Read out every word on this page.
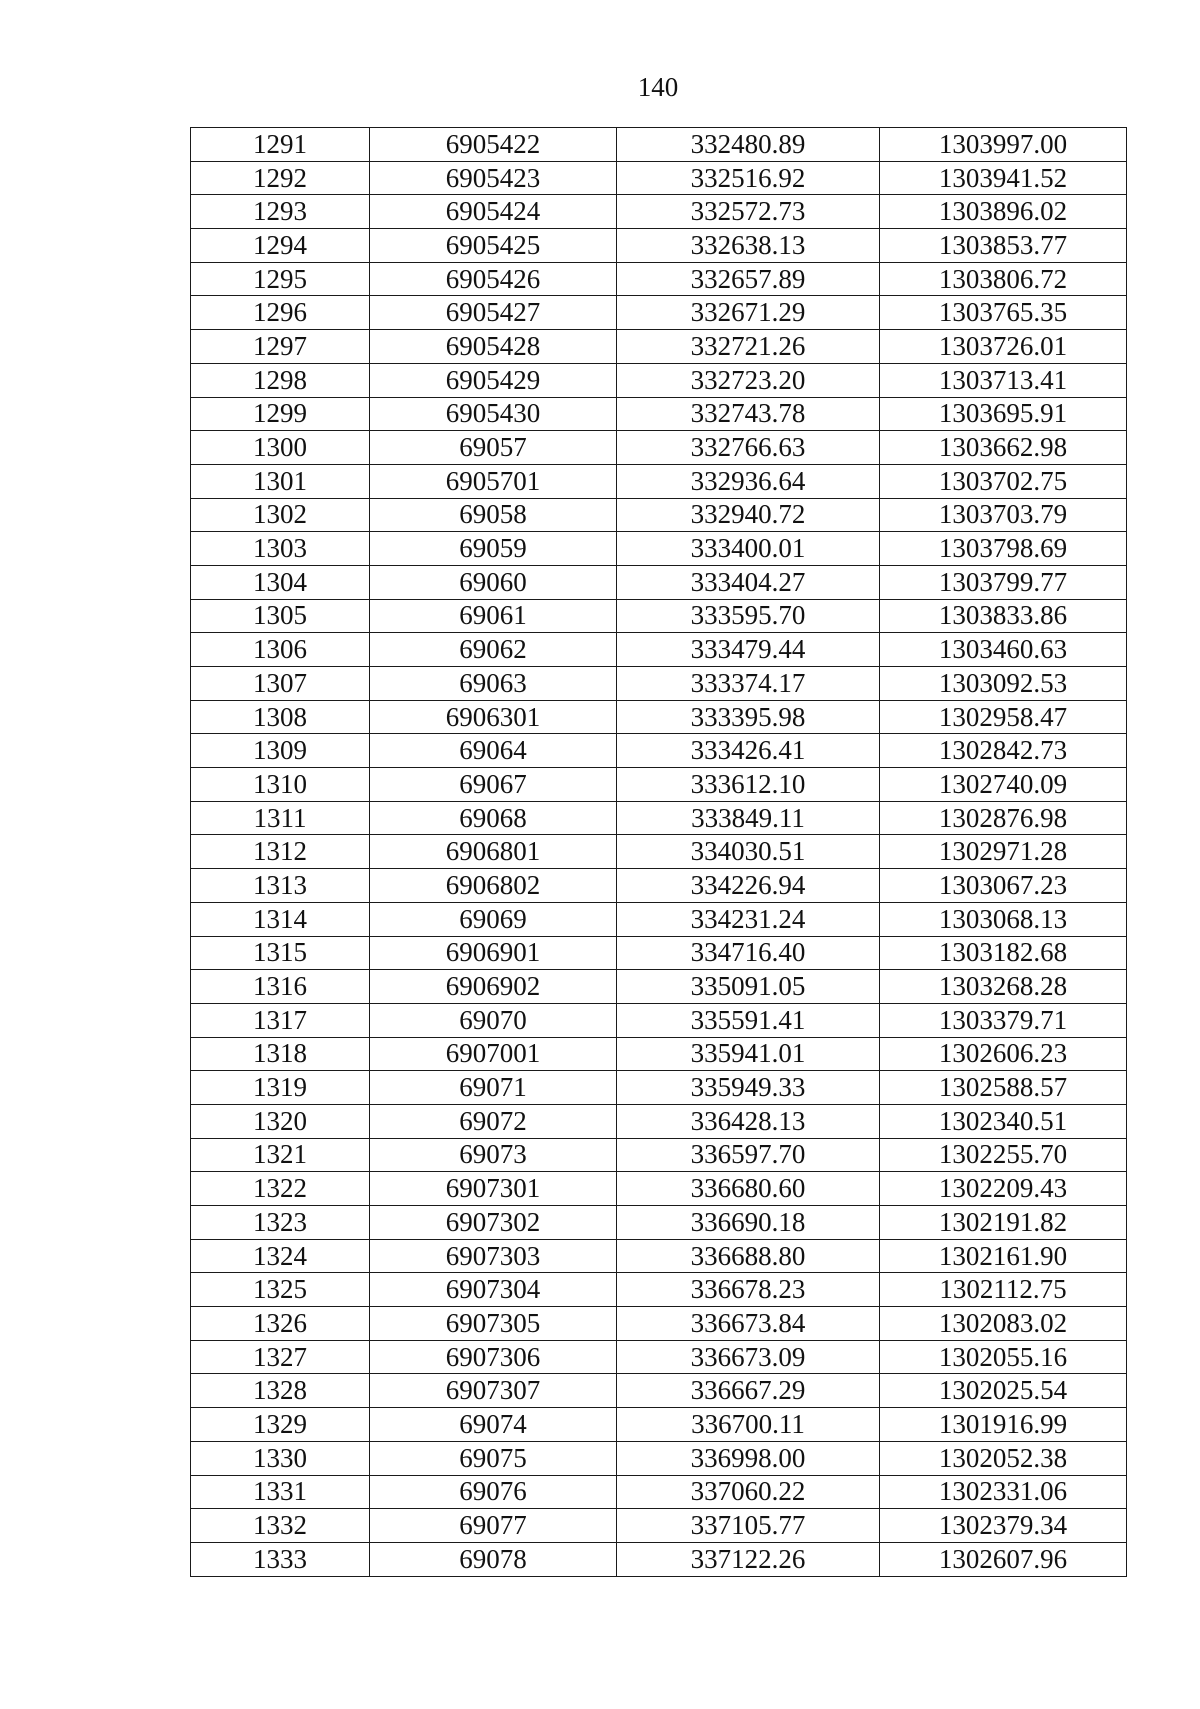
140
1291	6905422	332480.89	1303997.00
1292	6905423	332516.92	1303941.52
1293	6905424	332572.73	1303896.02
1294	6905425	332638.13	1303853.77
1295	6905426	332657.89	1303806.72
1296	6905427	332671.29	1303765.35
1297	6905428	332721.26	1303726.01
1298	6905429	332723.20	1303713.41
1299	6905430	332743.78	1303695.91
1300	69057	332766.63	1303662.98
1301	6905701	332936.64	1303702.75
1302	69058	332940.72	1303703.79
1303	69059	333400.01	1303798.69
1304	69060	333404.27	1303799.77
1305	69061	333595.70	1303833.86
1306	69062	333479.44	1303460.63
1307	69063	333374.17	1303092.53
1308	6906301	333395.98	1302958.47
1309	69064	333426.41	1302842.73
1310	69067	333612.10	1302740.09
1311	69068	333849.11	1302876.98
1312	6906801	334030.51	1302971.28
1313	6906802	334226.94	1303067.23
1314	69069	334231.24	1303068.13
1315	6906901	334716.40	1303182.68
1316	6906902	335091.05	1303268.28
1317	69070	335591.41	1303379.71
1318	6907001	335941.01	1302606.23
1319	69071	335949.33	1302588.57
1320	69072	336428.13	1302340.51
1321	69073	336597.70	1302255.70
1322	6907301	336680.60	1302209.43
1323	6907302	336690.18	1302191.82
1324	6907303	336688.80	1302161.90
1325	6907304	336678.23	1302112.75
1326	6907305	336673.84	1302083.02
1327	6907306	336673.09	1302055.16
1328	6907307	336667.29	1302025.54
1329	69074	336700.11	1301916.99
1330	69075	336998.00	1302052.38
1331	69076	337060.22	1302331.06
1332	69077	337105.77	1302379.34
1333	69078	337122.26	1302607.96
